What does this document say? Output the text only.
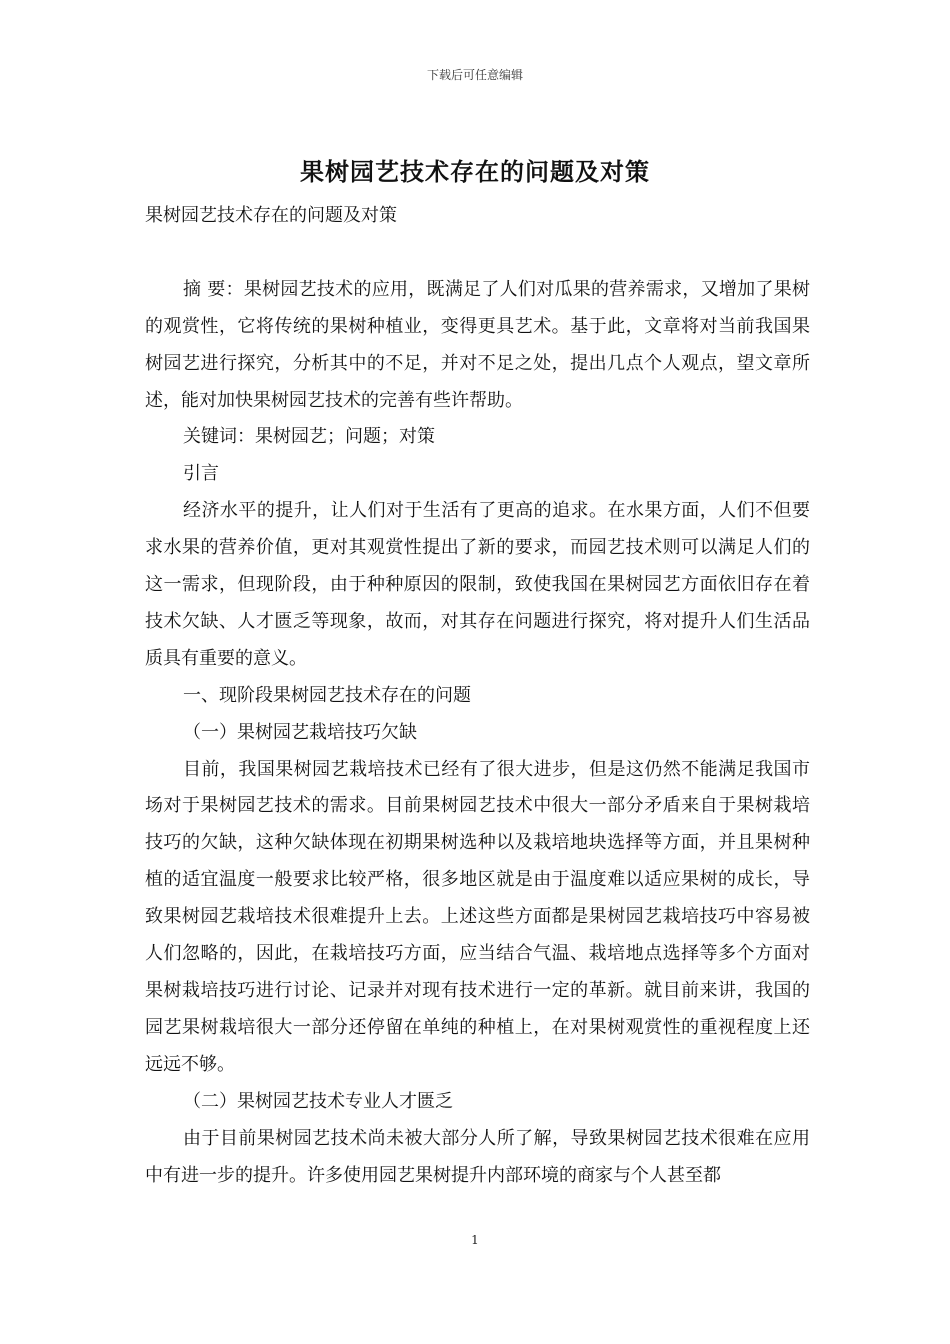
下载后可任意编辑
果树园艺技术存在的问题及对策

果树园艺技术存在的问题及对策

摘 要：果树园艺技术的应用，既满足了人们对瓜果的营养需求，又增加了果树的观赏性，它将传统的果树种植业，变得更具艺术。基于此，文章将对当前我国果树园艺进行探究，分析其中的不足，并对不足之处，提出几点个人观点，望文章所述，能对加快果树园艺技术的完善有些许帮助。

关键词：果树园艺；问题；对策

引言

经济水平的提升，让人们对于生活有了更高的追求。在水果方面，人们不但要求水果的营养价值，更对其观赏性提出了新的要求，而园艺技术则可以满足人们的这一需求，但现阶段，由于种种原因的限制，致使我国在果树园艺方面依旧存在着技术欠缺、人才匮乏等现象，故而，对其存在问题进行探究，将对提升人们生活品质具有重要的意义。

一、现阶段果树园艺技术存在的问题

（一）果树园艺栽培技巧欠缺

目前，我国果树园艺栽培技术已经有了很大进步，但是这仍然不能满足我国市场对于果树园艺技术的需求。目前果树园艺技术中很大一部分矛盾来自于果树栽培技巧的欠缺，这种欠缺体现在初期果树选种以及栽培地块选择等方面，并且果树种植的适宜温度一般要求比较严格，很多地区就是由于温度难以适应果树的成长，导致果树园艺栽培技术很难提升上去。上述这些方面都是果树园艺栽培技巧中容易被人们忽略的，因此，在栽培技巧方面，应当结合气温、栽培地点选择等多个方面对果树栽培技巧进行讨论、记录并对现有技术进行一定的革新。就目前来讲，我国的园艺果树栽培很大一部分还停留在单纯的种植上，在对果树观赏性的重视程度上还远远不够。

（二）果树园艺技术专业人才匮乏

由于目前果树园艺技术尚未被大部分人所了解，导致果树园艺技术很难在应用中有进一步的提升。许多使用园艺果树提升内部环境的商家与个人甚至都

1
